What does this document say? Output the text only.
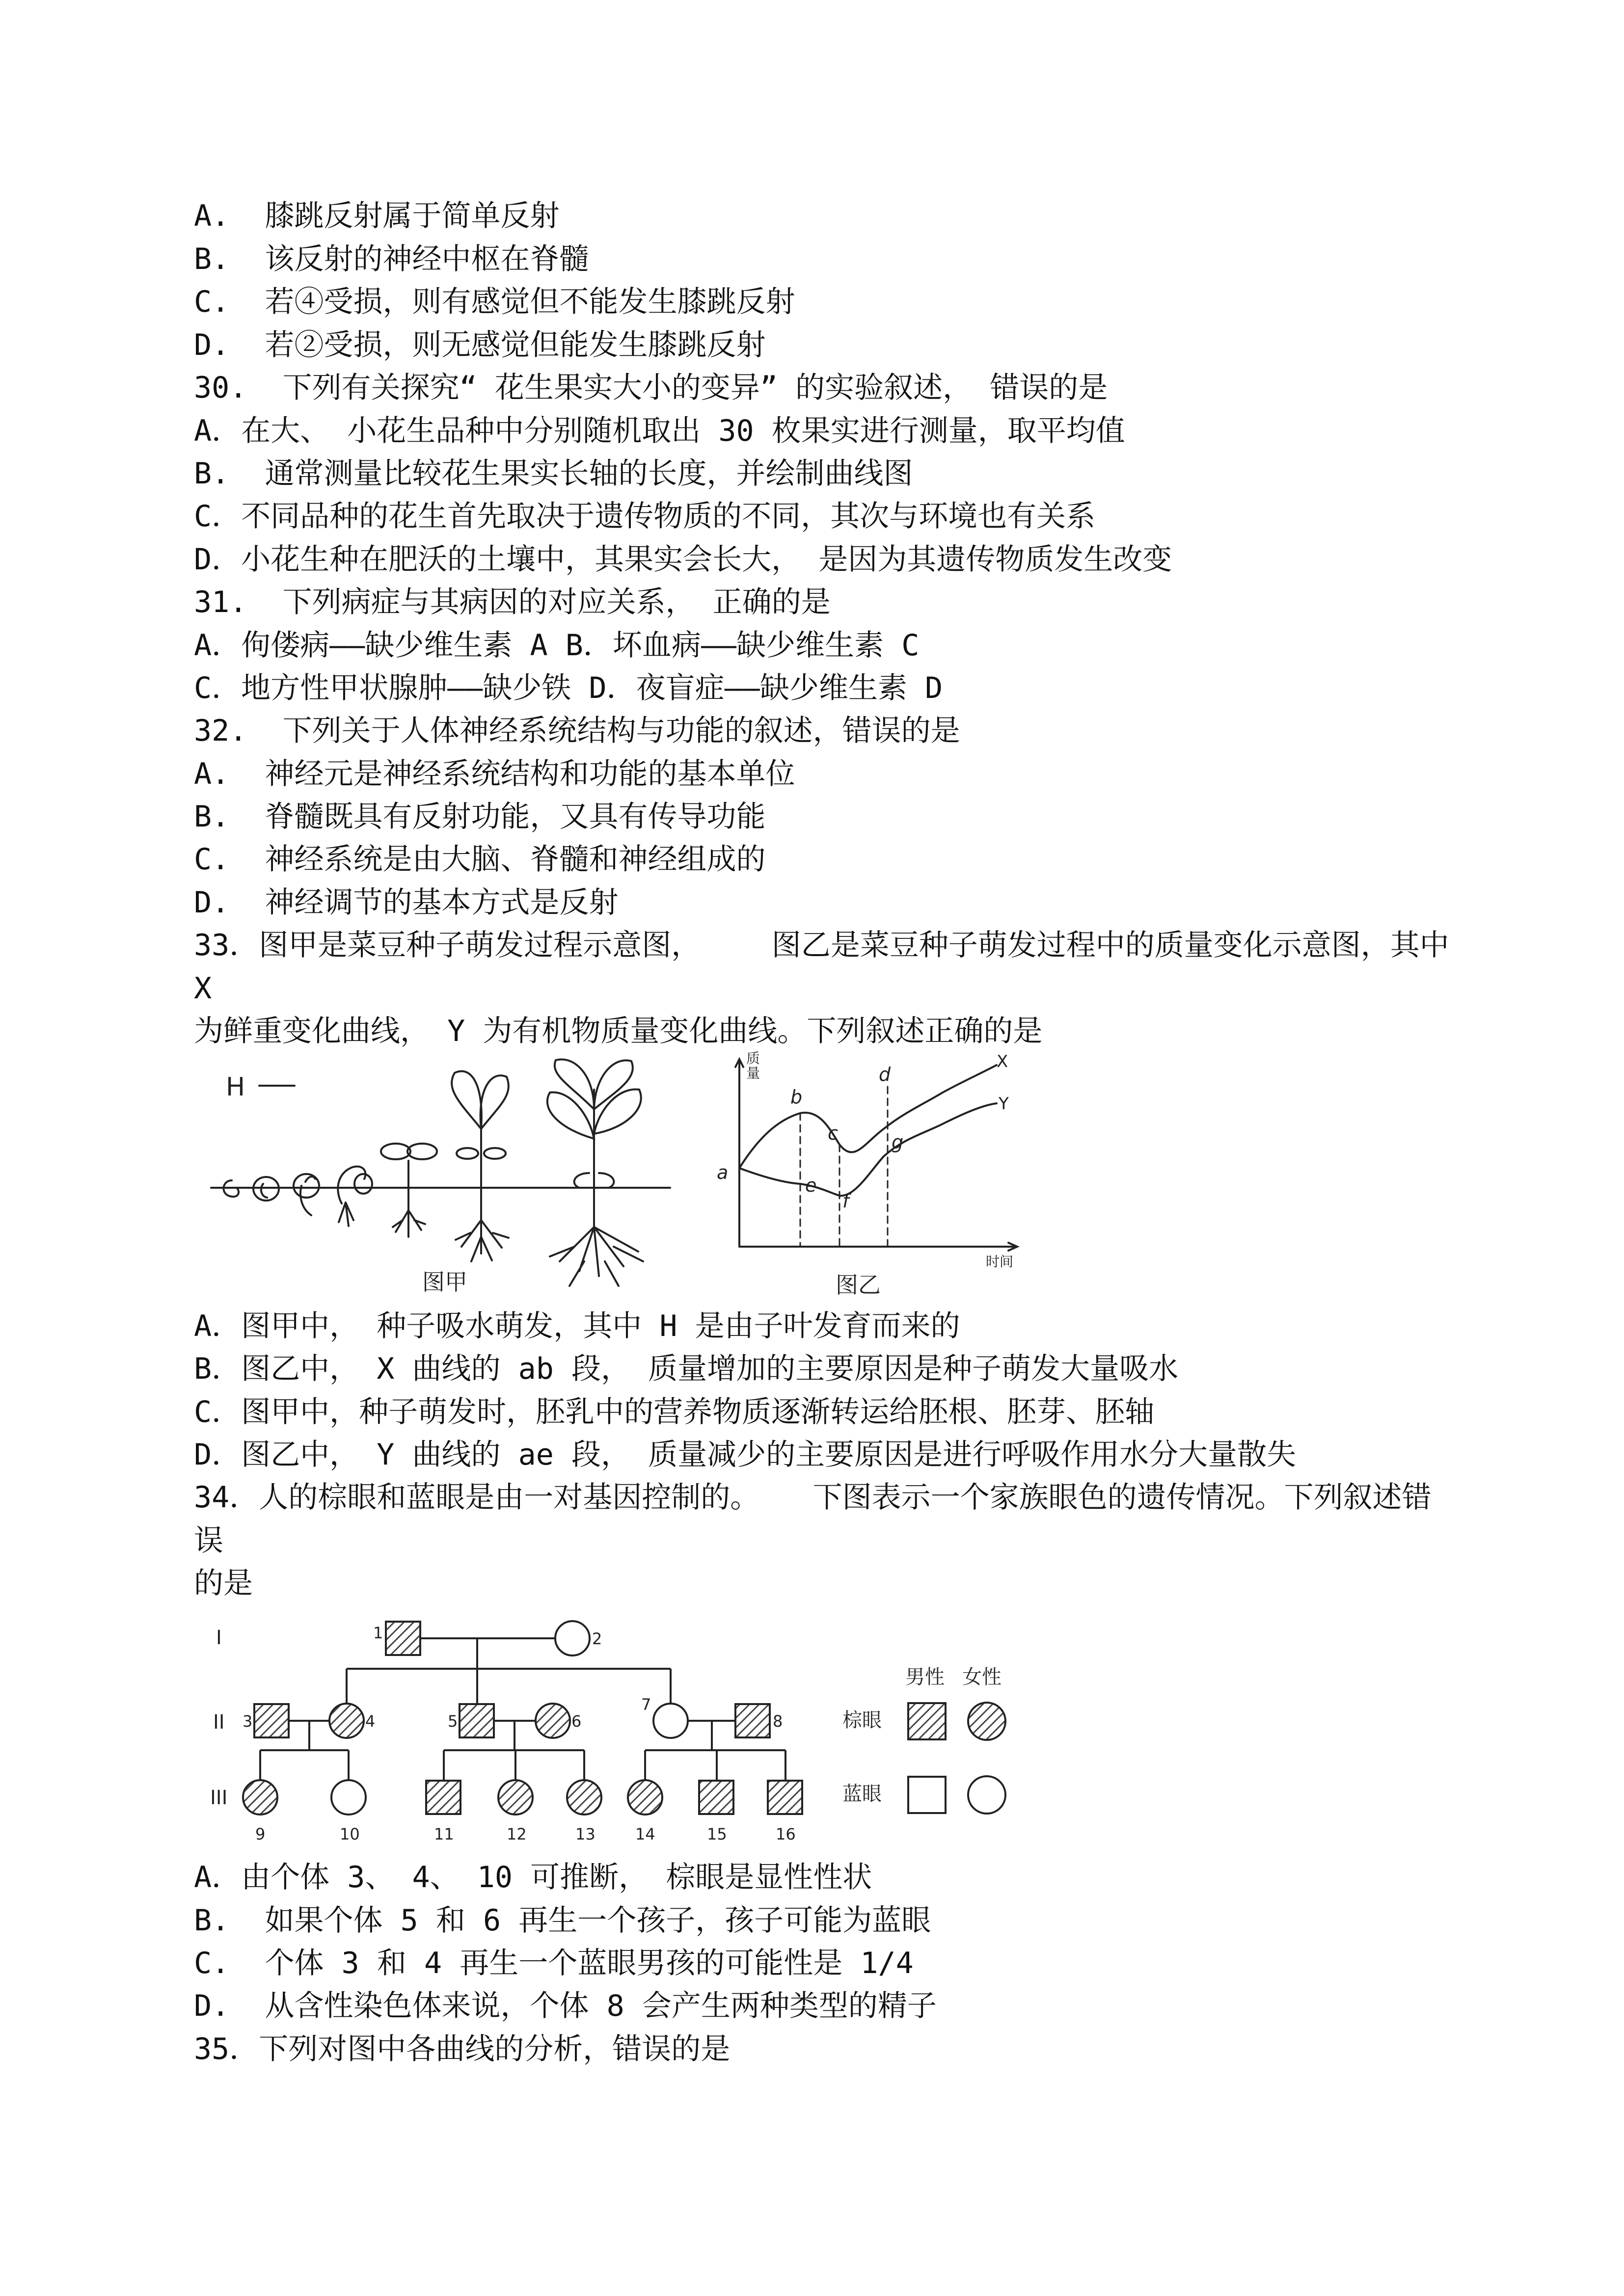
A.  膝跳反射属于简单反射
B.  该反射的神经中枢在脊髓
C.  若④受损，则有感觉但不能发生膝跳反射
D.  若②受损，则无感觉但能发生膝跳反射
30.  下列有关探究“ 花生果实大小的变异” 的实验叙述， 错误的是
A．在大、 小花生品种中分别随机取出 30 枚果实进行测量，取平均值
B.  通常测量比较花生果实长轴的长度，并绘制曲线图
C．不同品种的花生首先取决于遗传物质的不同，其次与环境也有关系
D．小花生种在肥沃的土壤中，其果实会长大， 是因为其遗传物质发生改变
31.  下列病症与其病因的对应关系， 正确的是
A．佝偻病——缺少维生素 A B．坏血病——缺少维生素 C
C．地方性甲状腺肿——缺少铁 D．夜盲症——缺少维生素 D
32.  下列关于人体神经系统结构与功能的叙述，错误的是
A.  神经元是神经系统结构和功能的基本单位
B.  脊髓既具有反射功能，又具有传导功能
C.  神经系统是由大脑、脊髓和神经组成的
D.  神经调节的基本方式是反射
33．图甲是菜豆种子萌发过程示意图，    图乙是菜豆种子萌发过程中的质量变化示意图，其中
X
为鲜重变化曲线， Y 为有机物质量变化曲线。下列叙述正确的是
H
图甲
a
b
c
d
e
f
g
X
Y
质
量
时间
图乙
A．图甲中， 种子吸水萌发，其中 H 是由子叶发育而来的
B．图乙中， X 曲线的 ab 段， 质量增加的主要原因是种子萌发大量吸水
C．图甲中，种子萌发时，胚乳中的营养物质逐渐转运给胚根、胚芽、胚轴
D．图乙中， Y 曲线的 ae 段， 质量减少的主要原因是进行呼吸作用水分大量散失
34．人的棕眼和蓝眼是由一对基因控制的。   下图表示一个家族眼色的遗传情况。下列叙述错
误
的是
I
II
III
1	2
3	4	5	6
7
8
9	10	11	12	13	14	15	16
男性 女性
棕眼
蓝眼
A．由个体 3、 4、 10 可推断， 棕眼是显性性状
B.  如果个体 5 和 6 再生一个孩子，孩子可能为蓝眼
C.  个体 3 和 4 再生一个蓝眼男孩的可能性是 1/4
D.  从含性染色体来说，个体 8 会产生两种类型的精子
35．下列对图中各曲线的分析，错误的是
